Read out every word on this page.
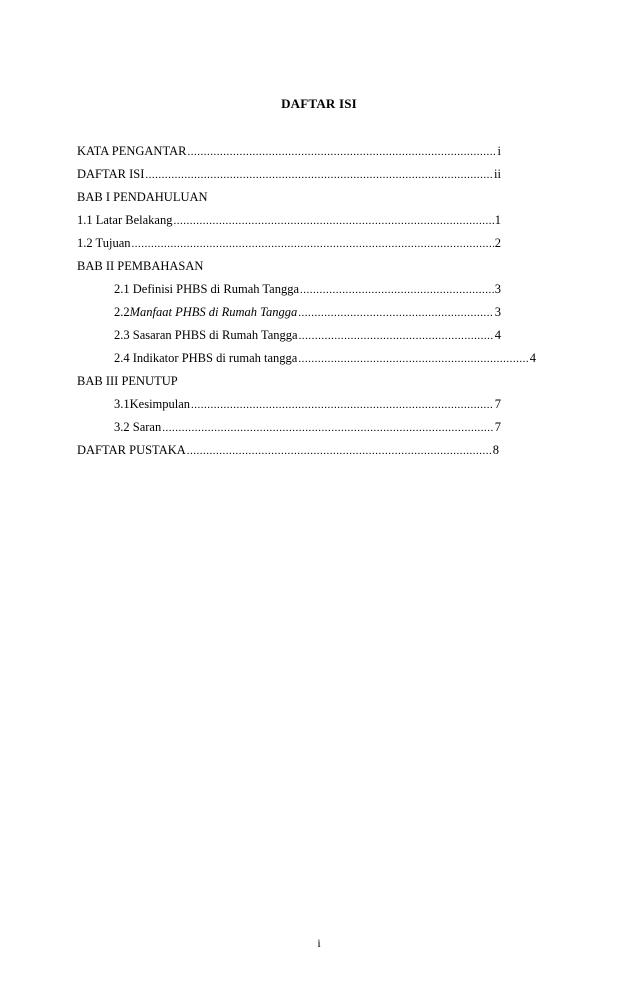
DAFTAR ISI
KATA PENGANTAR .....	i
DAFTAR ISI .....	ii
BAB I PENDAHULUAN
1.1 Latar Belakang .....	1
1.2 Tujuan .....	2
BAB II PEMBAHASAN
2.1 Definisi PHBS di Rumah Tangga .....	3
2.2 Manfaat PHBS di Rumah Tangga .....	3
2.3 Sasaran PHBS di Rumah Tangga .....	4
2.4 Indikator PHBS di rumah tangga .....	4
BAB III PENUTUP
3.1Kesimpulan .....	7
3.2 Saran .....	7
DAFTAR PUSTAKA .....	8
i
